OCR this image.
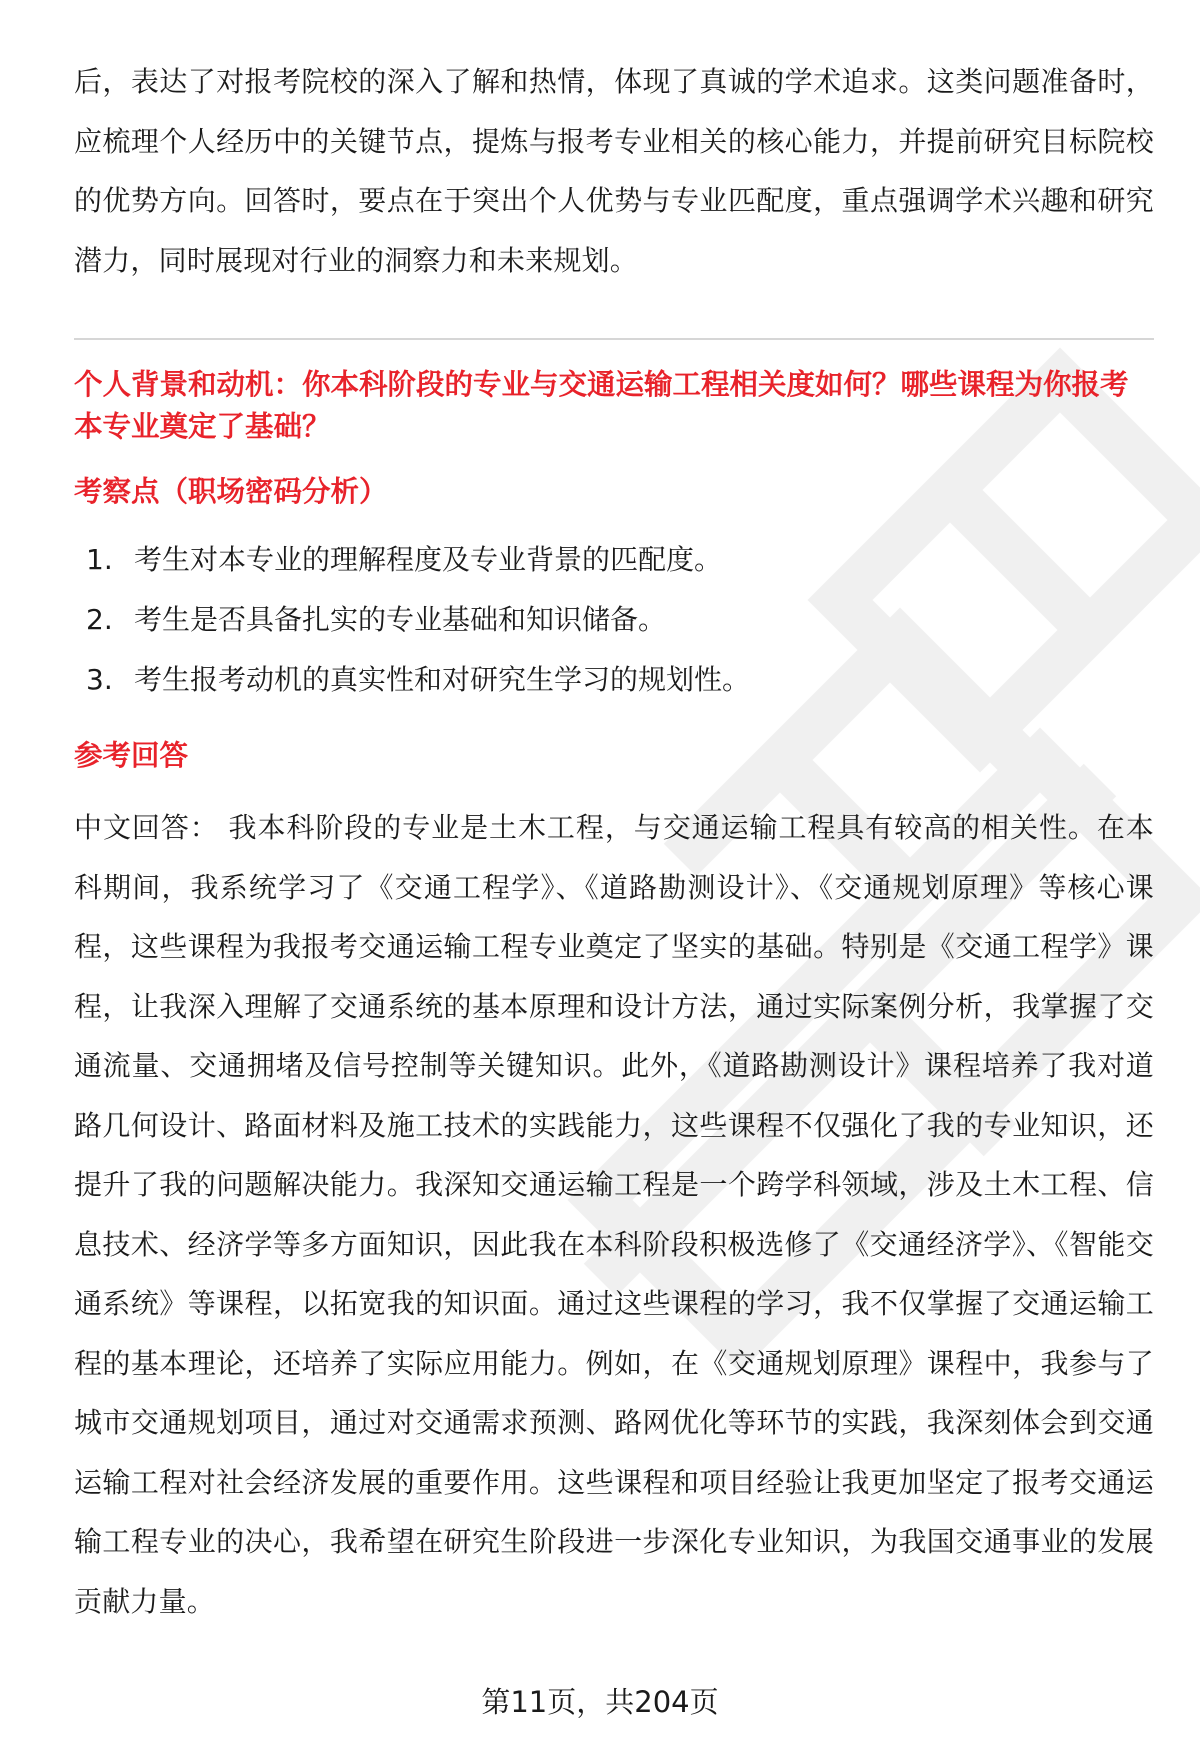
后，表达了对报考院校的深入了解和热情，体现了真诚的学术追求。这类问题准备时，应梳理个人经历中的关键节点，提炼与报考专业相关的核心能力，并提前研究目标院校的优势方向。回答时，要点在于突出个人优势与专业匹配度，重点强调学术兴趣和研究潜力，同时展现对行业的洞察力和未来规划。

个人背景和动机：你本科阶段的专业与交通运输工程相关度如何？哪些课程为你报考本专业奠定了基础？

考察点（职场密码分析）
1. 考生对本专业的理解程度及专业背景的匹配度。
2. 考生是否具备扎实的专业基础和知识储备。
3. 考生报考动机的真实性和对研究生学习的规划性。
参考回答

中文回答： 我本科阶段的专业是土木工程，与交通运输工程具有较高的相关性。在本科期间，我系统学习了《交通工程学》、《道路勘测设计》、《交通规划原理》等核心课程，这些课程为我报考交通运输工程专业奠定了坚实的基础。特别是《交通工程学》课程，让我深入理解了交通系统的基本原理和设计方法，通过实际案例分析，我掌握了交通流量、交通拥堵及信号控制等关键知识。此外，《道路勘测设计》课程培养了我对道路几何设计、路面材料及施工技术的实践能力，这些课程不仅强化了我的专业知识，还提升了我的问题解决能力。我深知交通运输工程是一个跨学科领域，涉及土木工程、信息技术、经济学等多方面知识，因此我在本科阶段积极选修了《交通经济学》、《智能交通系统》等课程，以拓宽我的知识面。通过这些课程的学习，我不仅掌握了交通运输工程的基本理论，还培养了实际应用能力。例如，在《交通规划原理》课程中，我参与了城市交通规划项目，通过对交通需求预测、路网优化等环节的实践，我深刻体会到交通运输工程对社会经济发展的重要作用。这些课程和项目经验让我更加坚定了报考交通运输工程专业的决心，我希望在研究生阶段进一步深化专业知识，为我国交通事业的发展贡献力量。

第11页，共204页
